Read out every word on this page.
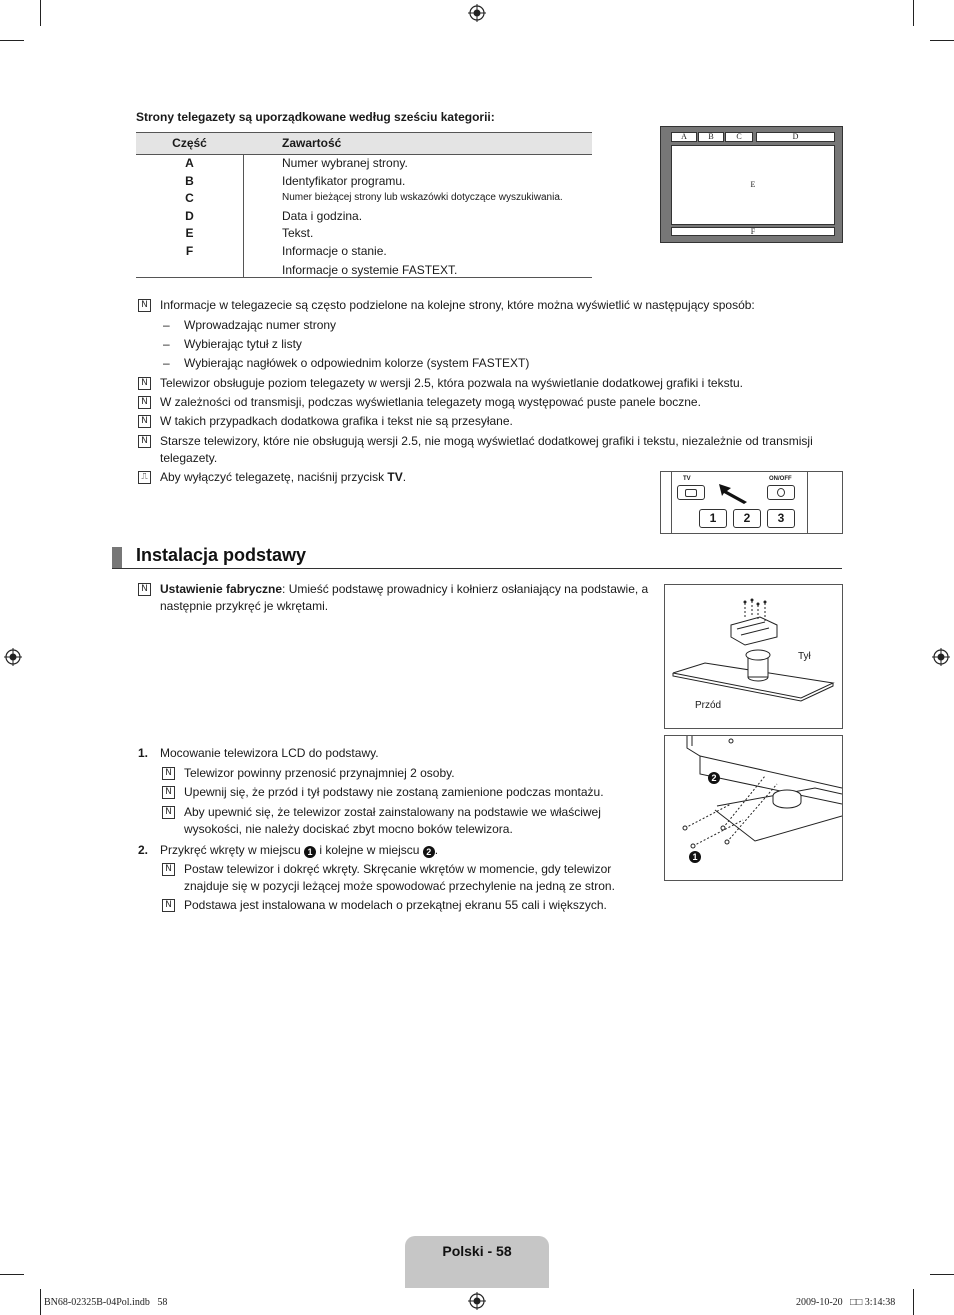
Strony telegazety są uporządkowane według sześciu kategorii:
Część	Zawartość
A	Numer wybranej strony.
B	Identyfikator programu.
C	Numer bieżącej strony lub wskazówki dotyczące wyszukiwania.
D	Data i godzina.
E	Tekst.
F	Informacje o stanie.
Informacje o systemie FASTEXT.
A	B	C	D
E
F
N Informacje w telegazecie są często podzielone na kolejne strony, które można wyświetlić w następujący sposób:
– Wprowadzając numer strony
– Wybierając tytuł z listy
– Wybierając nagłówek o odpowiednim kolorze (system FASTEXT)
N Telewizor obsługuje poziom telegazety w wersji 2.5, która pozwala na wyświetlanie dodatkowej grafiki i tekstu.
N W zależności od transmisji, podczas wyświetlania telegazety mogą występować puste panele boczne.
N W takich przypadkach dodatkowa grafika i tekst nie są przesyłane.
N Starsze telewizory, które nie obsługują wersji 2.5, nie mogą wyświetlać dodatkowej grafiki i tekstu, niezależnie od transmisji telegazety.
⎍ Aby wyłączyć telegazetę, naciśnij przycisk TV.	TV	ON/OFF
1	2	3
Instalacja podstawy
N Ustawienie fabryczne: Umieść podstawę prowadnicy i kołnierz osłaniający na podstawie, a następnie przykręć je wkrętami.
Tył
Przód
1. Mocowanie telewizora LCD do podstawy.
N Telewizor powinny przenosić przynajmniej 2 osoby.
N Upewnij się, że przód i tył podstawy nie zostaną zamienione podczas montażu.
N Aby upewnić się, że telewizor został zainstalowany na podstawie we właściwej wysokości, nie należy dociskać zbyt mocno boków telewizora.
2. Przykręć wkręty w miejscu 1 i kolejne w miejscu 2 .
N Postaw telewizor i dokręć wkręty. Skręcanie wkrętów w momencie, gdy telewizor znajduje się w pozycji leżącej może spowodować przechylenie na jedną ze stron.
N Podstawa jest instalowana w modelach o przekątnej ekranu 55 cali i większych.
2
1
Polski - 58
BN68-02325B-04Pol.indb   58	2009-10-20   □□ 3:14:38
